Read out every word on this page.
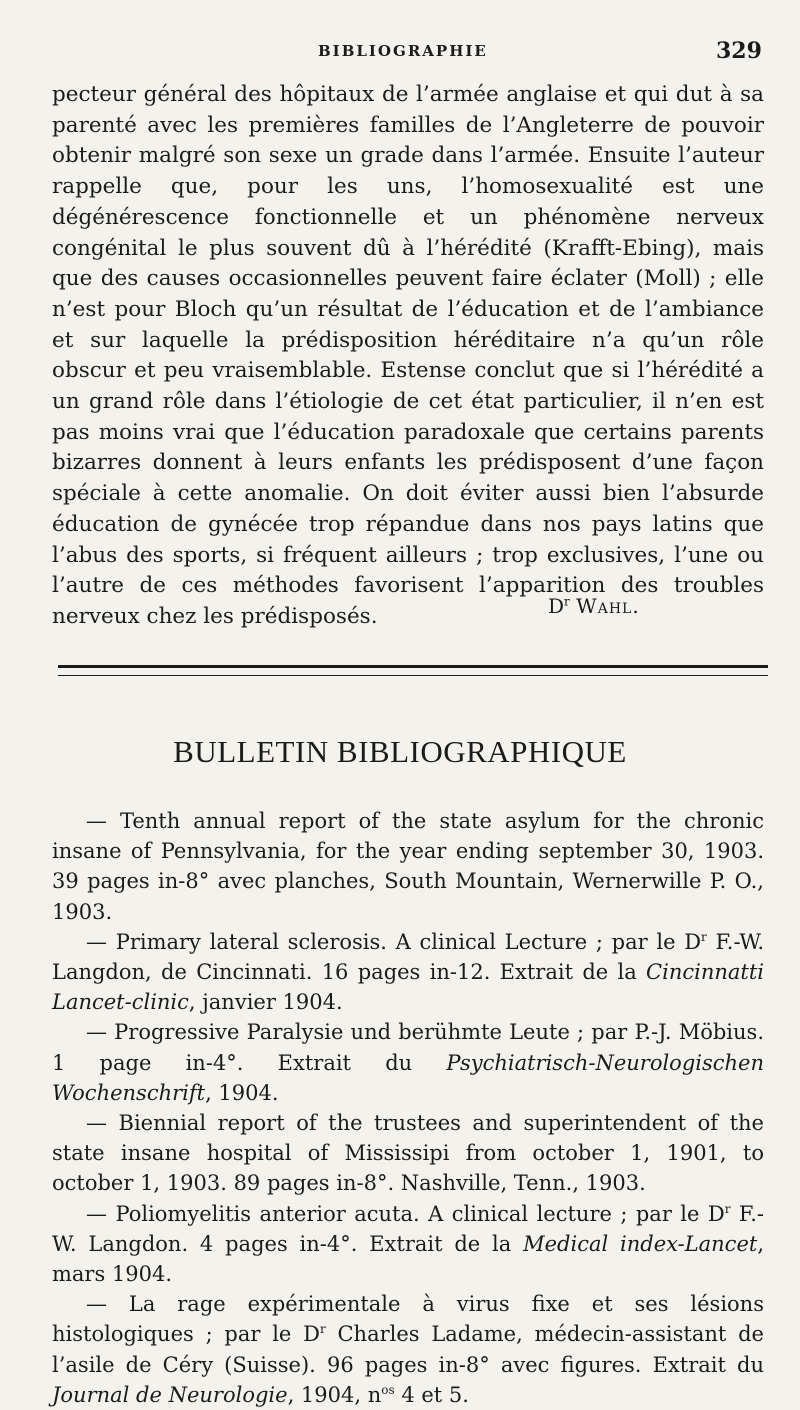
BIBLIOGRAPHIE	329

pecteur général des hôpitaux de l’armée anglaise et qui dut à sa parenté avec les premières familles de l’Angleterre de pouvoir obtenir malgré son sexe un grade dans l’armée. Ensuite l’auteur rappelle que, pour les uns, l’homosexualité est une dégénérescence fonctionnelle et un phénomène nerveux congénital le plus souvent dû à l’hérédité (Krafft-Ebing), mais que des causes occasionnelles peuvent faire éclater (Moll) ; elle n’est pour Bloch qu’un résultat de l’éducation et de l’ambiance et sur laquelle la prédisposition héréditaire n’a qu’un rôle obscur et peu vraisemblable. Estense conclut que si l’hérédité a un grand rôle dans l’étiologie de cet état particulier, il n’en est pas moins vrai que l’éducation paradoxale que certains parents bizarres donnent à leurs enfants les prédisposent d’une façon spéciale à cette anomalie. On doit éviter aussi bien l’absurde éducation de gynécée trop répandue dans nos pays latins que l’abus des sports, si fréquent ailleurs ; trop exclusives, l’une ou l’autre de ces méthodes favorisent l’apparition des troubles nerveux chez les prédisposés.	$D^r$ Wahl.
BULLETIN BIBLIOGRAPHIQUE

— Tenth annual report of the state asylum for the chronic insane of Pennsylvania, for the year ending september 30, 1903. 39 pages in-8° avec planches, South Mountain, Wernerwille P. O., 1903.

— Primary lateral sclerosis. A clinical Lecture ; par le $D^r$ F.-W. Langdon, de Cincinnati. 16 pages in-12. Extrait de la Cincinnatti Lancet-clinic, janvier 1904.

— Progressive Paralysie und berühmte Leute ; par P.-J. Möbius. 1 page in-4°. Extrait du Psychiatrisch-Neurologischen Wochenschrift, 1904.

— Biennial report of the trustees and superintendent of the state insane hospital of Mississipi from october 1, 1901, to october 1, 1903. 89 pages in-8°. Nashville, Tenn., 1903.

— Poliomyelitis anterior acuta. A clinical lecture ; par le $D^r$ F.-W. Langdon. 4 pages in-4°. Extrait de la Medical index-Lancet, mars 1904.

— La rage expérimentale à virus fixe et ses lésions histologiques ; par le $D^r$ Charles Ladame, médecin-assistant de l’asile de Céry (Suisse). 96 pages in-8° avec figures. Extrait du Journal de Neurologie, 1904, $n^{os}$ 4 et 5.
